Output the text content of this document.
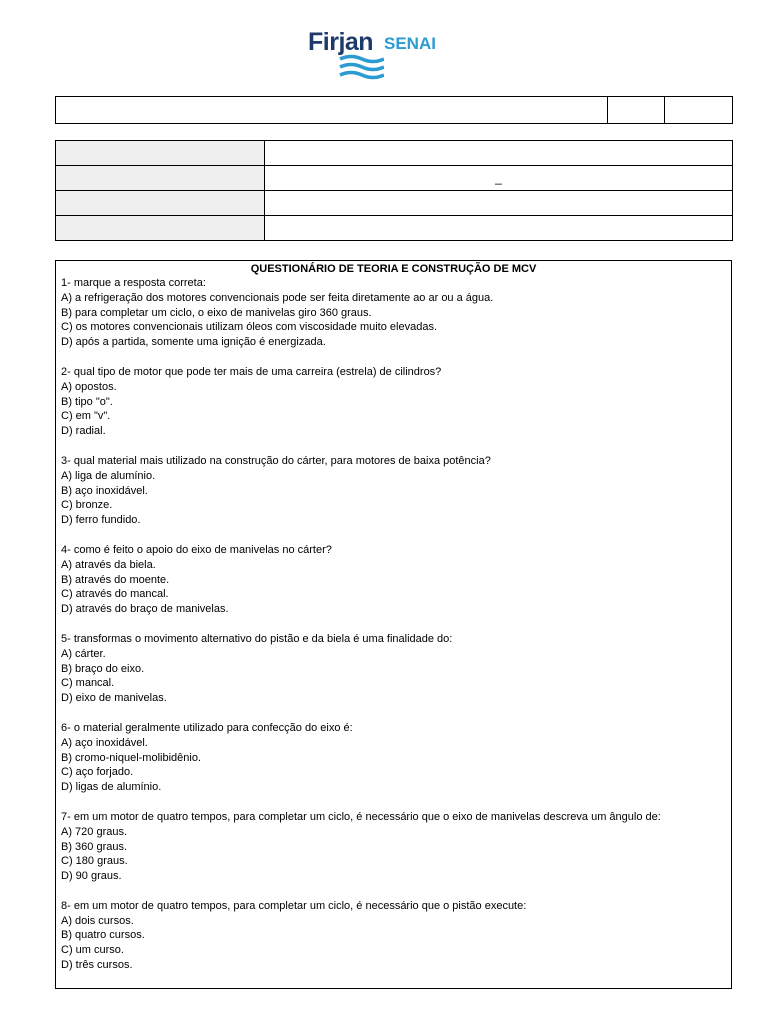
Firjan SENAI

	_

QUESTIONÁRIO DE TEORIA E CONSTRUÇÃO DE MCV
1- marque a resposta correta:
A) a refrigeração dos motores convencionais pode ser feita diretamente ao ar ou a água.
B) para completar um ciclo, o eixo de manivelas giro 360 graus.
C) os motores convencionais utilizam óleos com viscosidade muito elevadas.
D) após a partida, somente uma ignição é energizada.
2- qual tipo de motor que pode ter mais de uma carreira (estrela) de cilindros?
A) opostos.
B) tipo "o".
C) em "v".
D) radial.
3- qual material mais utilizado na construção do cárter, para motores de baixa potência?
A) liga de alumínio.
B) aço inoxidável.
C) bronze.
D) ferro fundido.
4- como é feito o apoio do eixo de manivelas no cárter?
A) através da biela.
B) através do moente.
C) através do mancal.
D) através do braço de manivelas.
5- transformas o movimento alternativo do pistão e da biela é uma finalidade do:
A) cárter.
B) braço do eixo.
C) mancal.
D) eixo de manivelas.
6- o material geralmente utilizado para confecção do eixo é:
A) aço inoxidável.
B) cromo-niquel-molibidênio.
C) aço forjado.
D) ligas de alumínio.
7- em um motor de quatro tempos, para completar um ciclo, é necessário que o eixo de manivelas descreva um ângulo de:
A) 720 graus.
B) 360 graus.
C) 180 graus.
D) 90 graus.
8- em um motor de quatro tempos, para completar um ciclo, é necessário que o pistão execute:
A) dois cursos.
B) quatro cursos.
C) um curso.
D) três cursos.
